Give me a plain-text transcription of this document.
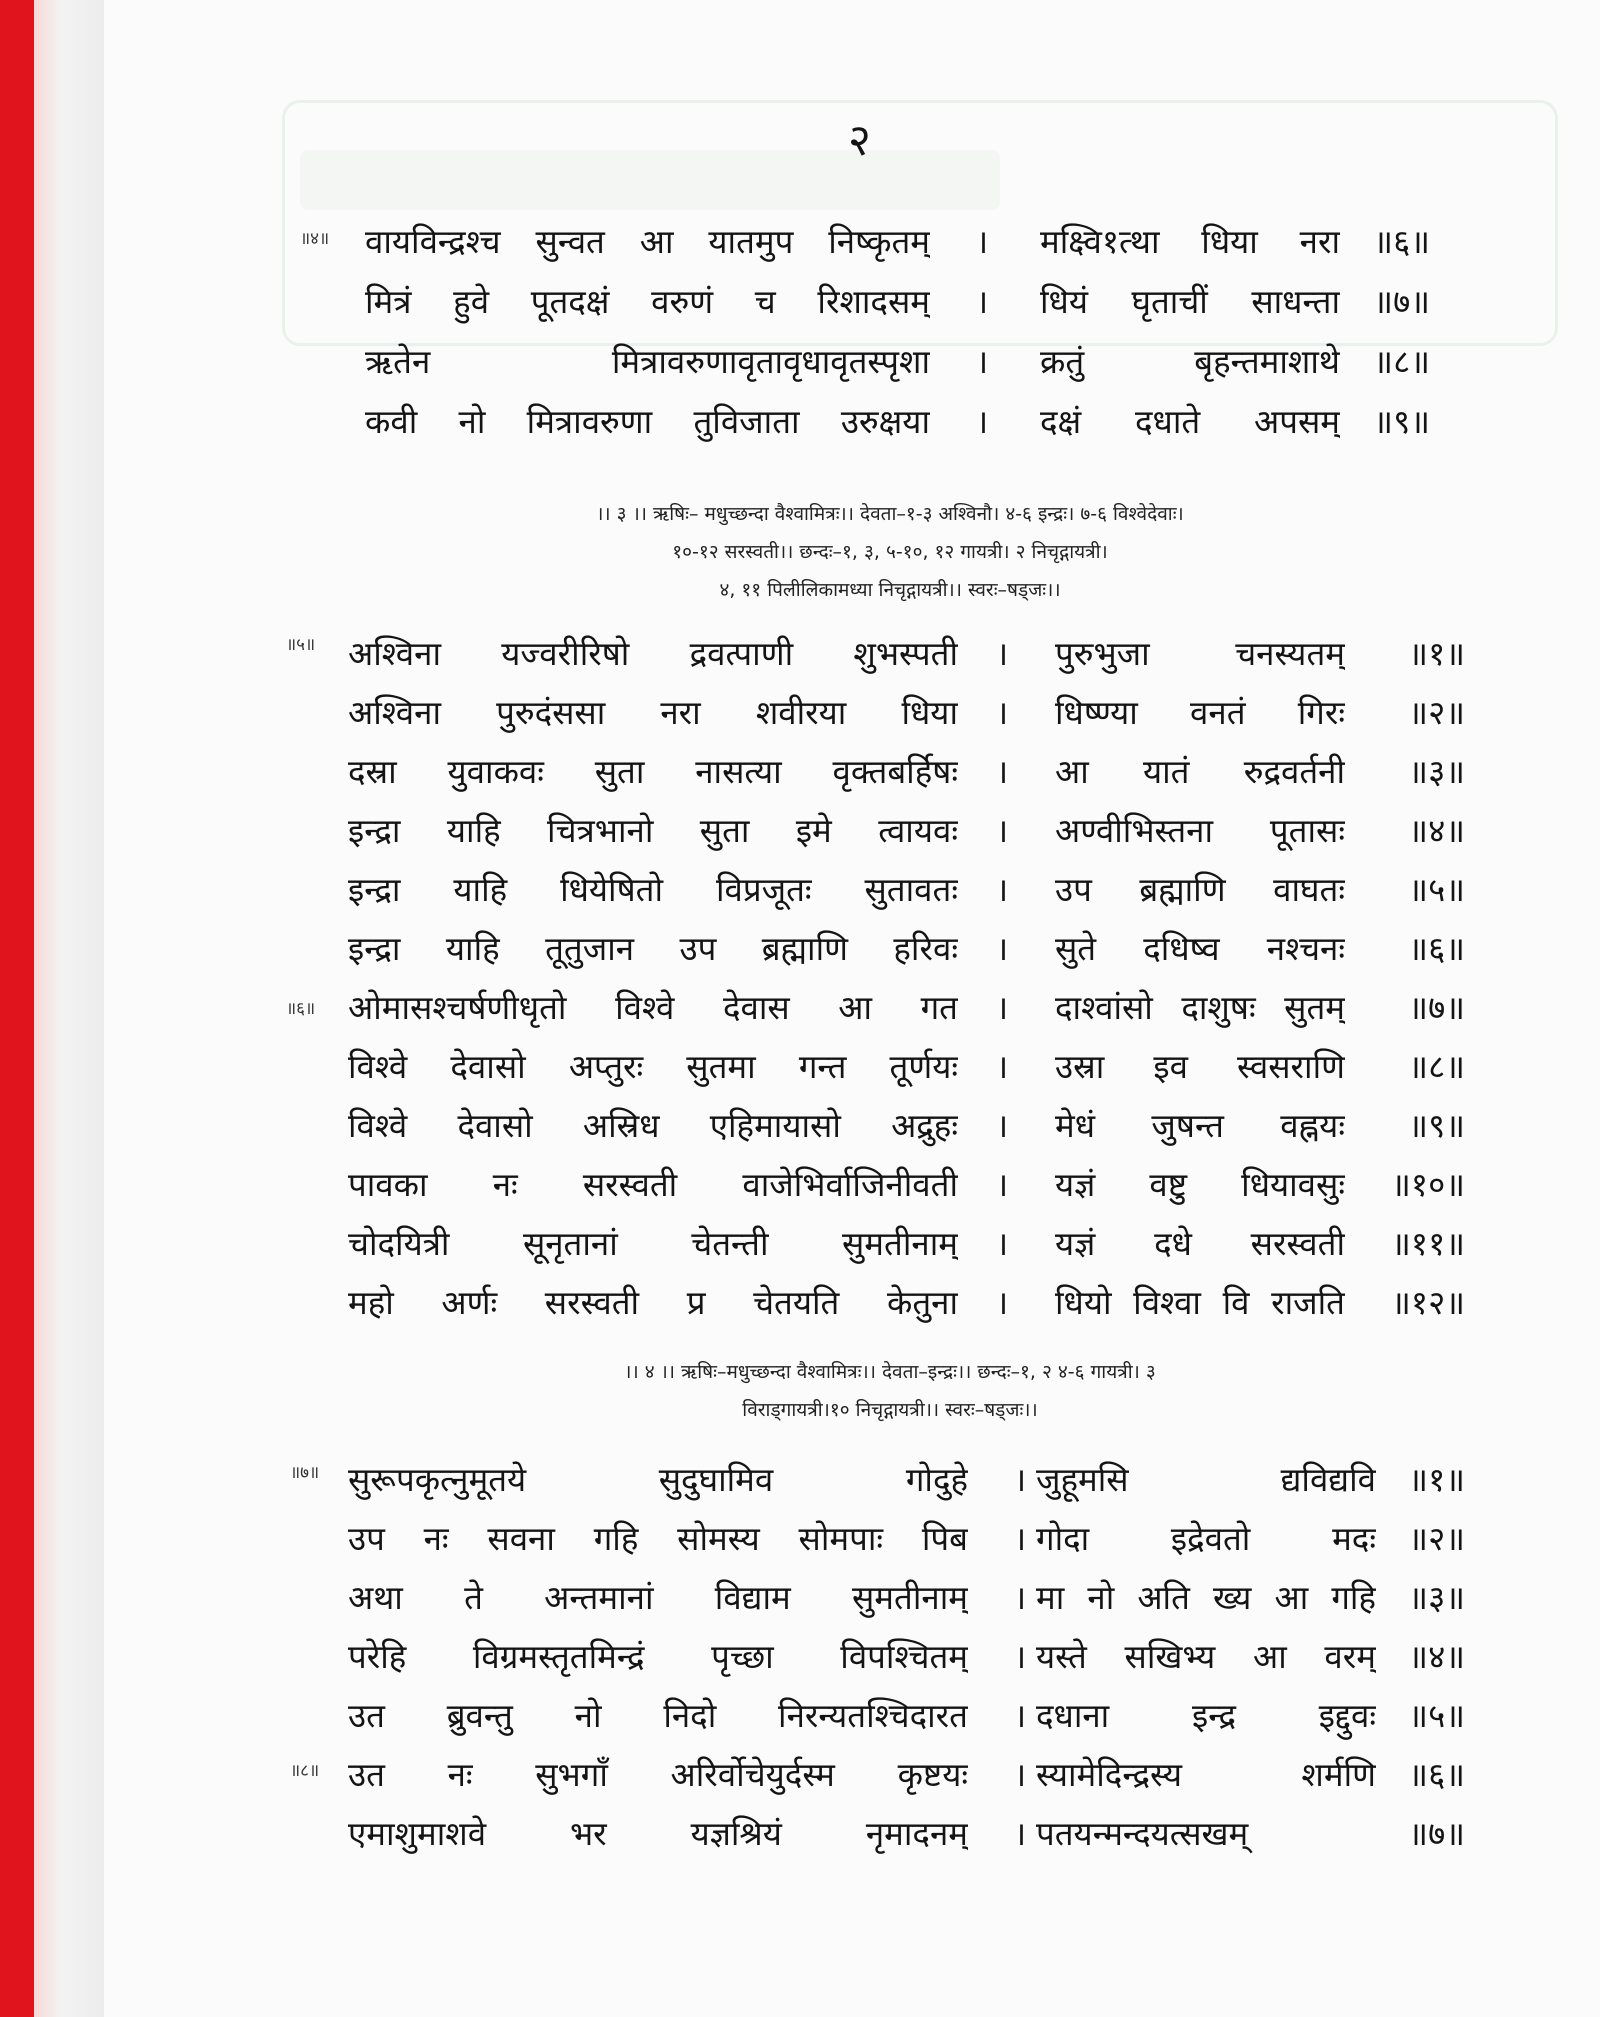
२
॥४॥ वायविन्द्रश्च सुन्वत आ यातमुप निष्कृतम् । मक्ष्वि१त्था धिया नरा	॥६॥
मित्रं हुवे पूतदक्षं वरुणं च रिशादसम् । धियं घृताचीं साधन्ता	॥७॥
ऋतेन मित्रावरुणावृतावृधावृतस्पृशा । क्रतुं बृहन्तमाशाथे	॥८॥
कवी नो मित्रावरुणा तुविजाता उरुक्षया । दक्षं दधाते अपसम्	॥९॥
।। ३ ।। ऋषिः– मधुच्छन्दा वैश्वामित्रः।। देवता–१-३ अश्विनौ। ४-६ इन्द्रः। ७-६ विश्वेदेवाः।
१०-१२ सरस्वती।। छन्दः–१, ३, ५-१०, १२ गायत्री। २ निचृद्गायत्री।
४, ११ पिलीलिकामध्या निचृद्गायत्री।। स्वरः–षड्जः।।
॥५॥
॥६॥
अश्विना यज्वरीरिषो द्रवत्पाणी शुभस्पती । पुरुभुजा चनस्यतम्	॥१॥
अश्विना पुरुदंससा नरा शवीरया धिया । धिष्ण्या वनतं गिरः	॥२॥
दस्रा युवाकवः सुता नासत्या वृक्तबर्हिषः । आ यातं रुद्रवर्तनी	॥३॥
इन्द्रा याहि चित्रभानो सुता इमे त्वायवः । अण्वीभिस्तना पूतासः	॥४॥
इन्द्रा याहि धियेषितो विप्रजूतः सुतावतः । उप ब्रह्माणि वाघतः	॥५॥
इन्द्रा याहि तूतुजान उप ब्रह्माणि हरिवः । सुते दधिष्व नश्चनः	॥६॥
ओमासश्चर्षणीधृतो विश्वे देवास आ गत । दाश्वांसो दाशुषः सुतम्	॥७॥
विश्वे देवासो अप्तुरः सुतमा गन्त तूर्णयः । उस्रा इव स्वसराणि	॥८॥
विश्वे देवासो अस्रिध एहिमायासो अद्रुहः । मेधं जुषन्त वह्नयः	॥९॥
पावका नः सरस्वती वाजेभिर्वाजिनीवती । यज्ञं वष्टु धियावसुः	॥१०॥
चोदयित्री सूनृतानां चेतन्ती सुमतीनाम् । यज्ञं दधे सरस्वती	॥११॥
महो अर्णः सरस्वती प्र चेतयति केतुना । धियो विश्वा वि राजति	॥१२॥
।। ४ ।। ऋषिः–मधुच्छन्दा वैश्वामित्रः।। देवता–इन्द्रः।। छन्दः–१, २ ४-६ गायत्री। ३
विराड्गायत्री।१० निचृद्गायत्री।। स्वरः–षड्जः।।
॥७॥
॥८॥
सुरूपकृत्नुमूतये सुदुघामिव गोदुहे । जुहूमसि द्यविद्यवि ॥१॥
उप नः सवना गहि सोमस्य सोमपाः पिब । गोदा इद्रेवतो मदः ॥२॥
अथा ते अन्तमानां विद्याम सुमतीनाम् । मा नो अति ख्य आ गहि ॥३॥
परेहि विग्रमस्तृतमिन्द्रं पृच्छा विपश्चितम् । यस्ते सखिभ्य आ वरम् ॥४॥
उत ब्रुवन्तु नो निदो निरन्यतश्चिदारत । दधाना इन्द्र इद्दुवः ॥५॥
उत नः सुभगाँ अरिर्वोचेयुर्दस्म कृष्टयः । स्यामेदिन्द्रस्य शर्मणि ॥६॥
एमाशुमाशवे भर यज्ञश्रियं नृमादनम् । पतयन्मन्दयत्सखम्	॥७॥
